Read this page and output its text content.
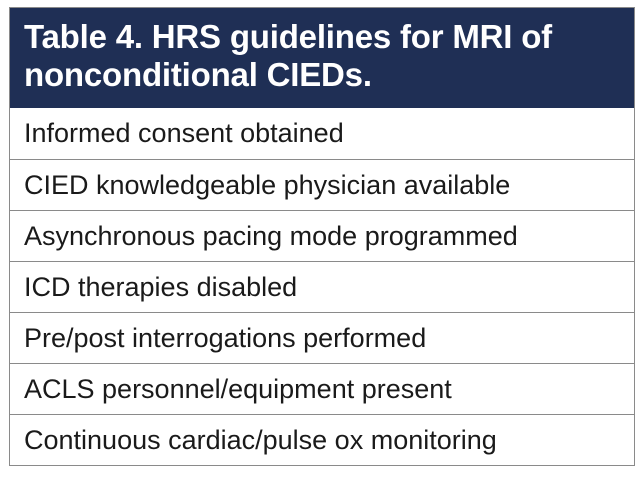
Table 4. HRS guidelines for MRI of nonconditional CIEDs.
Informed consent obtained
CIED knowledgeable physician available
Asynchronous pacing mode programmed
ICD therapies disabled
Pre/post interrogations performed
ACLS personnel/equipment present
Continuous cardiac/pulse ox monitoring
